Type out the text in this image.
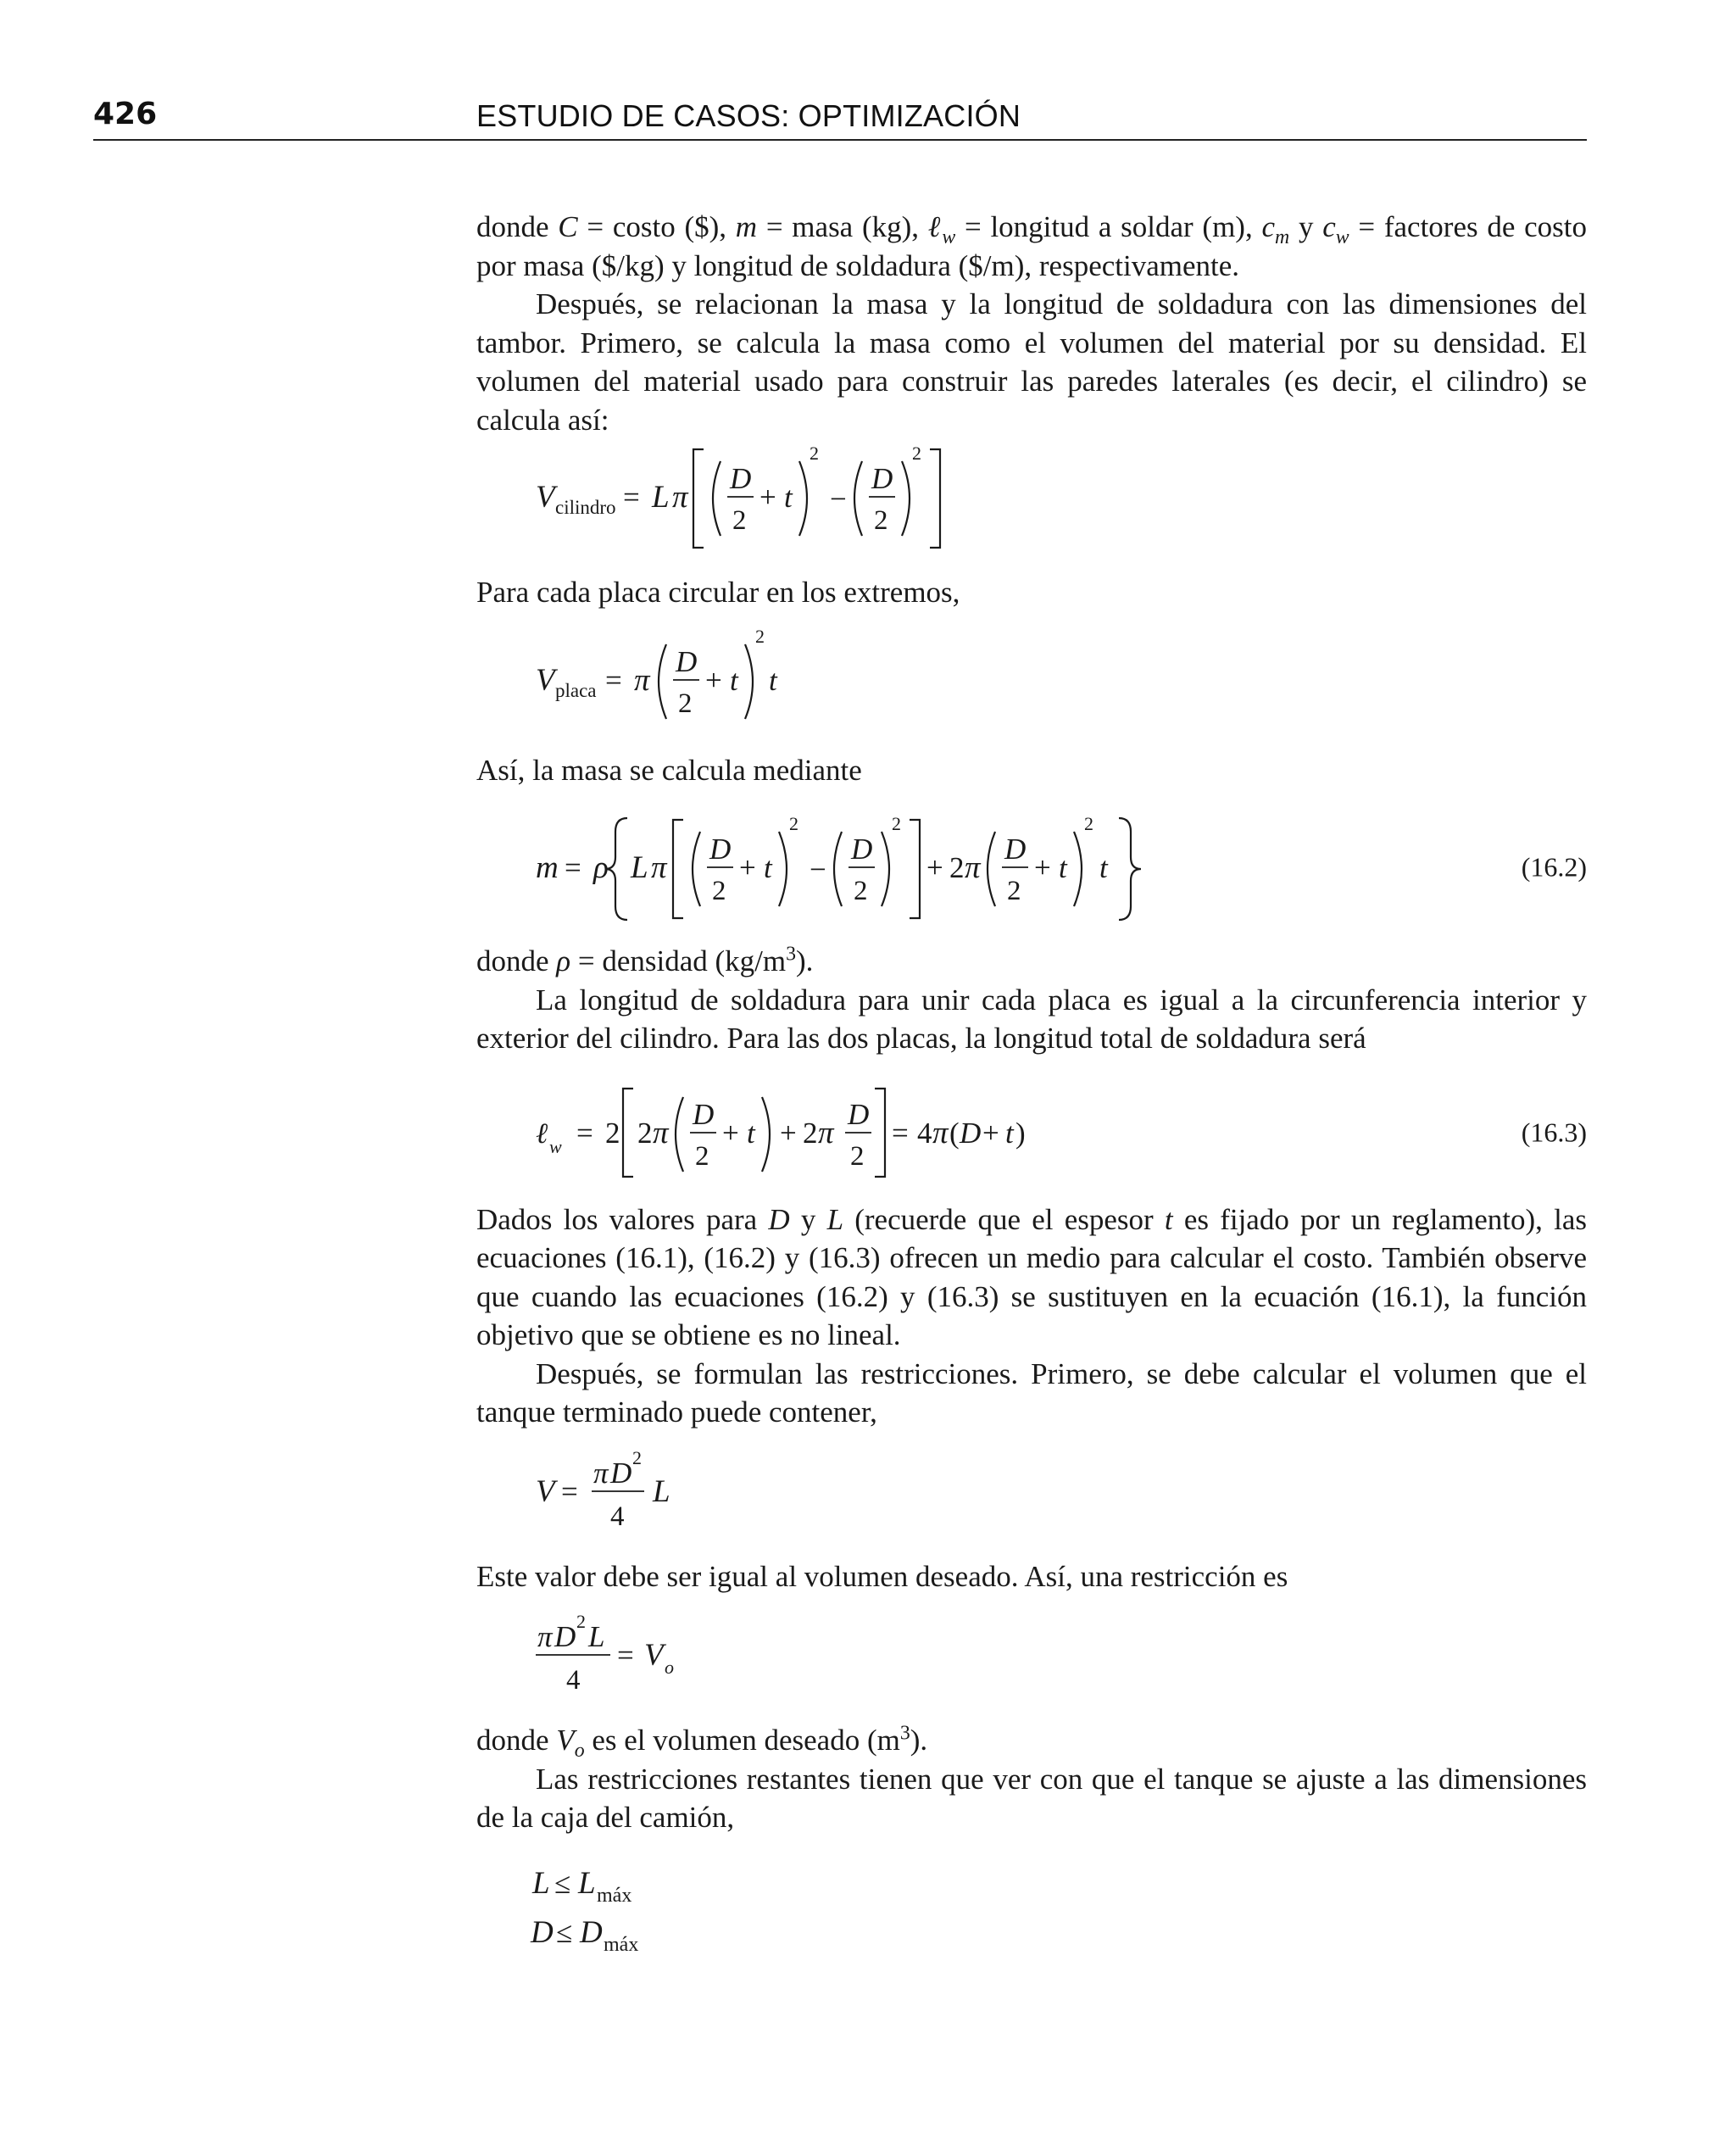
426	ESTUDIO DE CASOS: OPTIMIZACIÓN

donde C = costo ($), m = masa (kg), ℓ$_w$ = longitud a soldar (m), $c_m$ y $c_w$ = factores de costo por masa ($/kg) y longitud de soldadura ($/m), respectivamente.

Después, se relacionan la masa y la longitud de soldadura con las dimensiones del tambor. Primero, se calcula la masa como el volumen del material por su densidad. El volumen del material usado para construir las paredes laterales (es decir, el cilindro) se calcula así:

V cilindro = L π
D
2
+ t
2
−
D
2
2

Para cada placa circular en los extremos,

V placa = π
D
2
+ t
2
t

Así, la masa se calcula mediante

m = ρ L π
D
2
+ t
2
−
D
2
2
+ 2 π
D
2
+ t
2
t	(16.2)

donde ρ = densidad $(kg/m^3)$.

La longitud de soldadura para unir cada placa es igual a la circunferencia interior y exterior del cilindro. Para las dos placas, la longitud total de soldadura será

ℓ w = 2 2 π
D
2
+ t + 2 π
D
2
= 4 π ( D + t )	(16.3)

Dados los valores para D y L (recuerde que el espesor t es fijado por un reglamento), las ecuaciones (16.1), (16.2) y (16.3) ofrecen un medio para calcular el costo. También observe que cuando las ecuaciones (16.2) y (16.3) se sustituyen en la ecuación (16.1), la función objetivo que se obtiene es no lineal.

Después, se formulan las restricciones. Primero, se debe calcular el volumen que el tanque terminado puede contener,

V =
π D 2
4
L

Este valor debe ser igual al volumen deseado. Así, una restricción es

π D 2 L
4
= V o

donde $V_o$ es el volumen deseado $(m^3)$.

Las restricciones restantes tienen que ver con que el tanque se ajuste a las dimensiones de la caja del camión,

L ≤ L máx
D ≤ D máx
